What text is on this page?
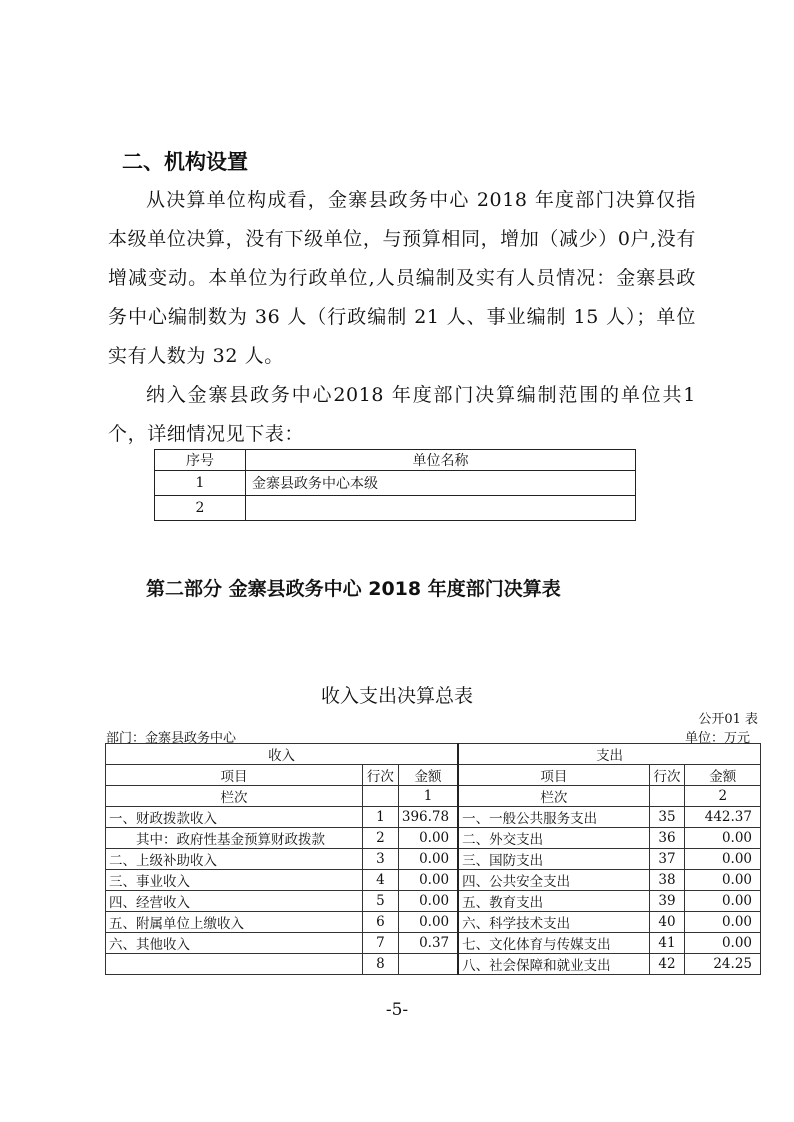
二、机构设置

从决算单位构成看，金寨县政务中心 2018 年度部门决算仅指本级单位决算，没有下级单位，与预算相同，增加（减少）0户,没有增减变动。本单位为行政单位,人员编制及实有人员情况：金寨县政务中心编制数为 36 人（行政编制 21 人、事业编制 15 人）；单位实有人数为 32 人。

纳入金寨县政务中心2018 年度部门决算编制范围的单位共1个，详细情况见下表：

序号	单位名称
1	金寨县政务中心本级
2	
第二部分 金寨县政务中心 2018 年度部门决算表
收入支出决算总表
公开01 表
部门：金寨县政务中心	单位：万元
收入			支出		
项目	行次	金额	项目	行次	金额
栏次		1	栏次		2
一、财政拨款收入	1	396.78	一、一般公共服务支出	35	442.37
其中：政府性基金预算财政拨款	2	0.00	二、外交支出	36	0.00
二、上级补助收入	3	0.00	三、国防支出	37	0.00
三、事业收入	4	0.00	四、公共安全支出	38	0.00
四、经营收入	5	0.00	五、教育支出	39	0.00
五、附属单位上缴收入	6	0.00	六、科学技术支出	40	0.00
六、其他收入	7	0.37	七、文化体育与传媒支出	41	0.00
	8		八、社会保障和就业支出	42	24.25
-5-
